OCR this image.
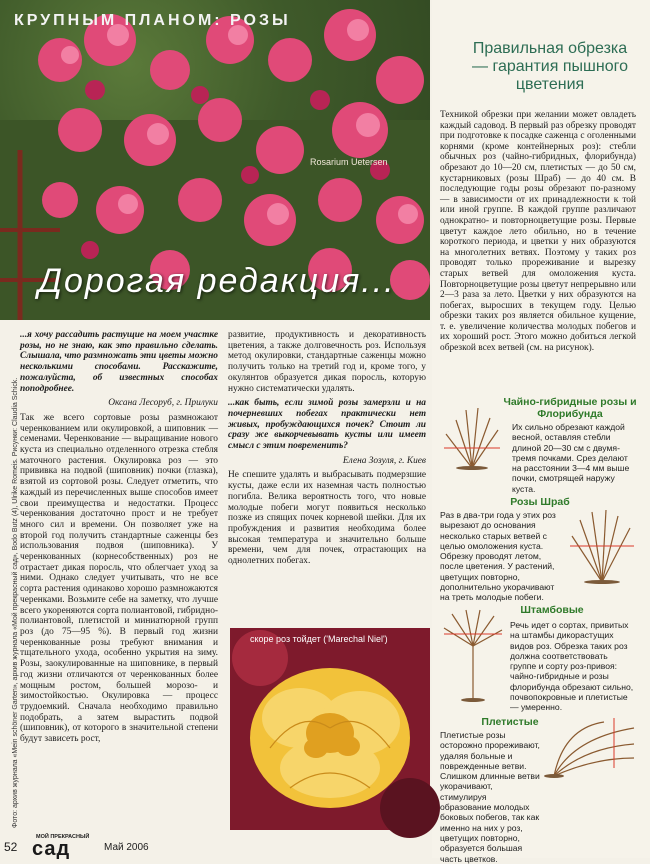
КРУПНЫМ ПЛАНОМ: РОЗЫ
Rosarium Uetersen
Дорогая редакция...
Правильная обрезка — гарантия пышного цветения
Техникой обрезки при желании может овладеть каждый садовод. В первый раз обрезку проводят при подготовке к посадке саженца с оголенными корнями (кроме контейнерных роз): стебли обычных роз (чайно-гибридных, флорибунда) обрезают до 10—20 см, плетистых — до 50 см, кустарниковых (розы Шраб) — до 40 см. В последующие годы розы обрезают по-разному — в зависимости от их принадлежности к той или иной группе. В каждой группе различают однократно- и повторноцветущие розы. Первые цветут каждое лето обильно, но в течение короткого периода, и цветки у них образуются на многолетних ветвях. Поэтому у таких роз проводят только прореживание и вырезку старых ветвей для омоложения куста. Повторноцветущие розы цветут непрерывно или 2—3 раза за лето. Цветки у них образуются на побегах, выросших в текущем году. Целью обрезки таких роз является обильное кущение, т. е. увеличение количества молодых побегов и их хороший рост. Этого можно добиться легкой обрезкой всех ветвей (см. на рисунок).
Чайно-гибридные розы и Флорибунда
Их сильно обрезают каждой весной, оставляя стебли длиной 20—30 см с двумя-тремя почками. Срез делают на расстоянии 3—4 мм выше почки, смотрящей наружу куста.
Розы Шраб
Раз в два-три года у этих роз вырезают до основания несколько старых ветвей с целью омоложения куста. Обрезку проводят летом, после цветения. У растений, цветущих повторно, дополнительно укорачивают на треть молодые побеги.
Штамбовые
Речь идет о сортах, привитых на штамбы дикорастущих видов роз. Обрезка таких роз должна соответствовать группе и сорту роз-привоя: чайно-гибридные и розы флорибунда обрезают сильно, почвопокровные и плетистые — умеренно.
Плетистые
Плетистые розы осторожно прореживают, удаляя больные и поврежденные ветви. Слишком длинные ветви укорачивают, стимулируя образование молодых боковых побегов, так как именно на них у роз, цветущих повторно, образуется большая часть цветков.

...я хочу рассадить растущие на моем участке розы, но не знаю, как это правильно сделать. Слышала, что размножать эти цветы можно несколькими способами. Расскажите, пожалуйста, об известных способах поподробнее.

Оксана Лесоруб, г. Прилуки

Так же всего сортовые розы размножают черенкованием или окулировкой, а шиповник — семенами. Черенкование — выращивание нового куста из специально отделенного отрезка стебля маточного растения. Окулировка роз — это прививка на подвой (шиповник) почки (глазка), взятой из сортовой розы. Следует отметить, что каждый из перечисленных выше способов имеет свои преимущества и недостатки. Процесс черенкования достаточно прост и не требует много сил и времени. Он позволяет уже на второй год получить стандартные саженцы без использования подвоя (шиповника). У черенкованных (корнесобственных) роз не отрастает дикая поросль, что облегчает уход за ними. Однако следует учитывать, что не все сорта растения одинаково хорошо размножаются черенками. Возьмите себе на заметку, что лучше всего укореняются сорта полиантовой, гибридно-полиантовой, плетистой и миниатюрной групп роз (до 75—95 %). В первый год жизни черенкованные розы требуют внимания и тщательного ухода, особенно укрытия на зиму. Розы, заокулированные на шиповнике, в первый год жизни отличаются от черенкованных более мощным ростом, большей морозо- и зимостойкостью. Окулировка — процесс трудоемкий. Сначала необходимо правильно подобрать, а затем вырастить подвой (шиповник), от которого в значительной степени будут зависеть рост,

развитие, продуктивность и декоративность цветения, а также долговечность роз. Используя метод окулировки, стандартные саженцы можно получить только на третий год и, кроме того, у окулянтов образуется дикая поросль, которую нужно систематически удалять.

...как быть, если зимой розы замерзли и на почерневших побегах практически нет живых, пробуждающихся почек? Стоит ли сразу же выкорчевывать кусты или имеет смысл с этим повременить?

Елена Зозуля, г. Киев

Не спешите удалять и выбрасывать подмерзшие кусты, даже если их наземная часть полностью погибла. Велика вероятность того, что новые молодые побеги могут появиться несколько позже из спящих почек корневой шейки. Для их пробуждения и развития необходима более высокая температура и значительно больше времени, чем для почек, отрастающих на однолетних побегах.

скоре роз тойдет ('Marechal Niel')
Фото: архив журнала «Mein schöner Garten», архив журнала «Мой прекрасный сад», Bodo Butz (4), Ulrike Romeis. Рисунки: Claudia Schick.
52
МОЙ ПРЕКРАСНЫЙ
сад	Май 2006
